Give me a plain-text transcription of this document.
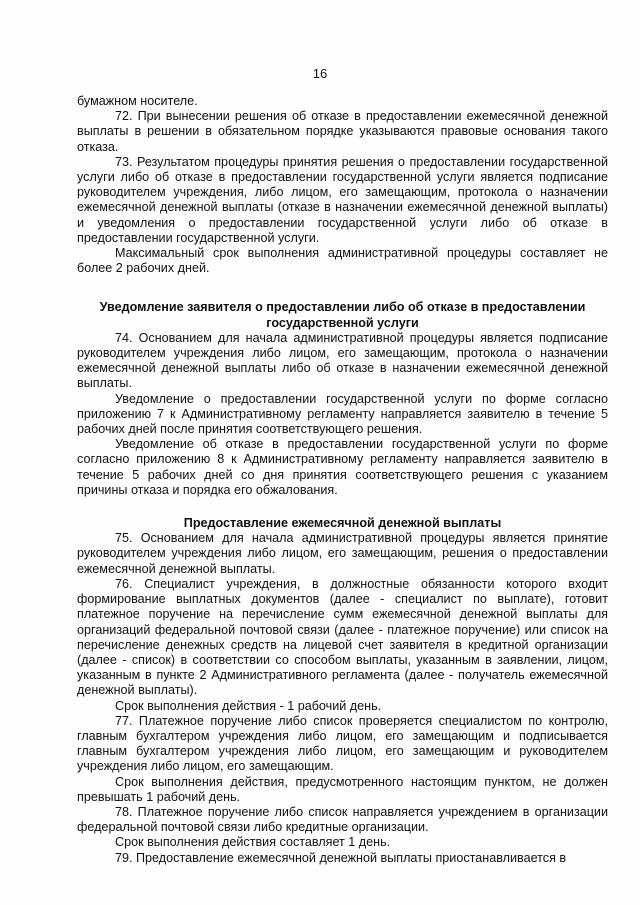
16

бумажном носителе.

72. При вынесении решения об отказе в предоставлении ежемесячной денежной выплаты в решении в обязательном порядке указываются правовые основания такого отказа.

73. Результатом процедуры принятия решения о предоставлении государственной услуги либо об отказе в предоставлении государственной услуги является подписание руководителем учреждения, либо лицом, его замещающим, протокола о назначении ежемесячной денежной выплаты (отказе в назначении ежемесячной денежной выплаты) и уведомления о предоставлении государственной услуги либо об отказе в предоставлении государственной услуги.

Максимальный срок выполнения административной процедуры составляет не более 2 рабочих дней.

Уведомление заявителя о предоставлении либо об отказе в предоставлении государственной услуги

74. Основанием для начала административной процедуры является подписание руководителем учреждения либо лицом, его замещающим, протокола о назначении ежемесячной денежной выплаты либо об отказе в назначении ежемесячной денежной выплаты.

Уведомление о предоставлении государственной услуги по форме согласно приложению 7 к Административному регламенту направляется заявителю в течение 5 рабочих дней после принятия соответствующего решения.

Уведомление об отказе в предоставлении государственной услуги по форме согласно приложению 8 к Административному регламенту направляется заявителю в течение 5 рабочих дней со дня принятия соответствующего решения с указанием причины отказа и порядка его обжалования.

Предоставление ежемесячной денежной выплаты

75. Основанием для начала административной процедуры является принятие руководителем учреждения либо лицом, его замещающим, решения о предоставлении ежемесячной денежной выплаты.

76. Специалист учреждения, в должностные обязанности которого входит формирование выплатных документов (далее - специалист по выплате), готовит платежное поручение на перечисление сумм ежемесячной денежной выплаты для организаций федеральной почтовой связи (далее - платежное поручение) или список на перечисление денежных средств на лицевой счет заявителя в кредитной организации (далее - список) в соответствии со способом выплаты, указанным в заявлении, лицом, указанным в пункте 2 Административного регламента (далее - получатель ежемесячной денежной выплаты).

Срок выполнения действия - 1 рабочий день.

77. Платежное поручение либо список проверяется специалистом по контролю, главным бухгалтером учреждения либо лицом, его замещающим и подписывается главным бухгалтером учреждения либо лицом, его замещающим и руководителем учреждения либо лицом, его замещающим.

Срок выполнения действия, предусмотренного настоящим пунктом, не должен превышать 1 рабочий день.

78. Платежное поручение либо список направляется учреждением в организации федеральной почтовой связи либо кредитные организации.

Срок выполнения действия составляет 1 день.

79. Предоставление ежемесячной денежной выплаты приостанавливается в
